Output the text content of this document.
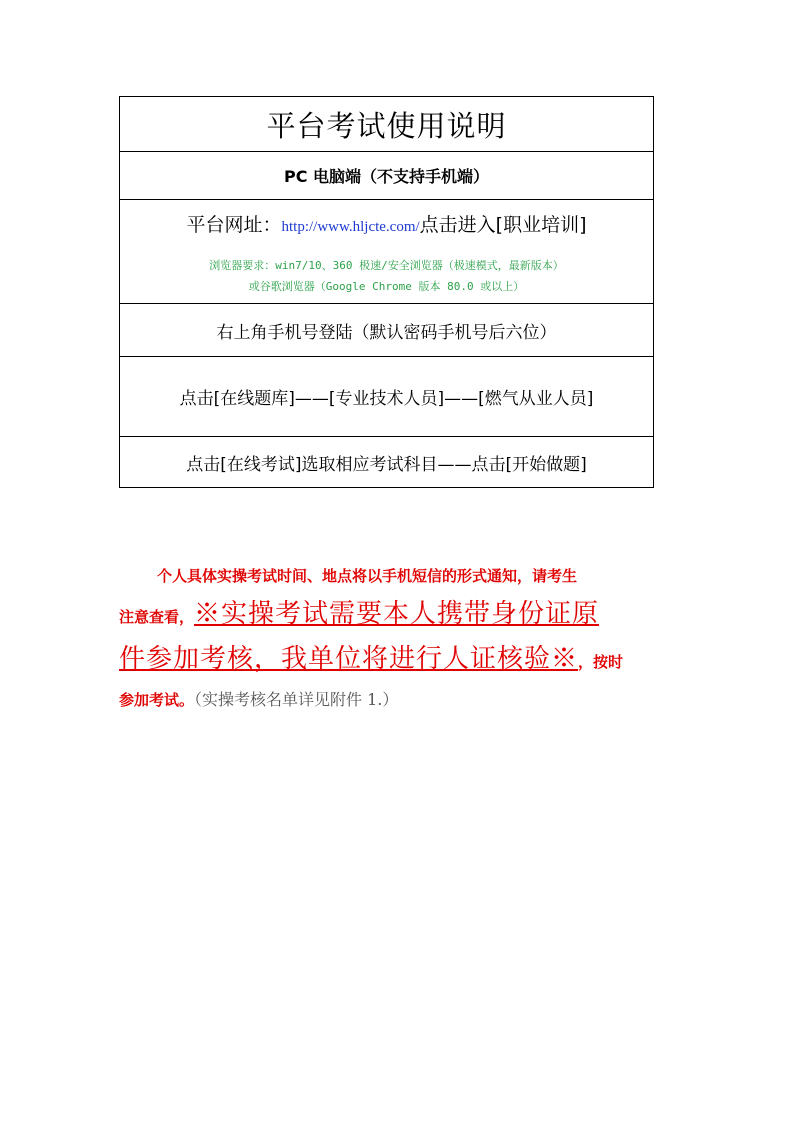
平台考试使用说明
PC 电脑端（不支持手机端）

平台网址：http://www.hljcte.com/点击进入[职业培训]
浏览器要求：win7/10、360 极速/安全浏览器（极速模式，最新版本）
或谷歌浏览器（Google Chrome 版本 80.0 或以上）

右上角手机号登陆（默认密码手机号后六位）
点击[在线题库]——[专业技术人员]——[燃气从业人员]
点击[在线考试]选取相应考试科目——点击[开始做题]

个人具体实操考试时间、地点将以手机短信的形式通知，请考生

注意查看，※实操考试需要本人携带身份证原

件参加考核，我单位将进行人证核验※，按时

参加考试。（实操考核名单详见附件 1.）
